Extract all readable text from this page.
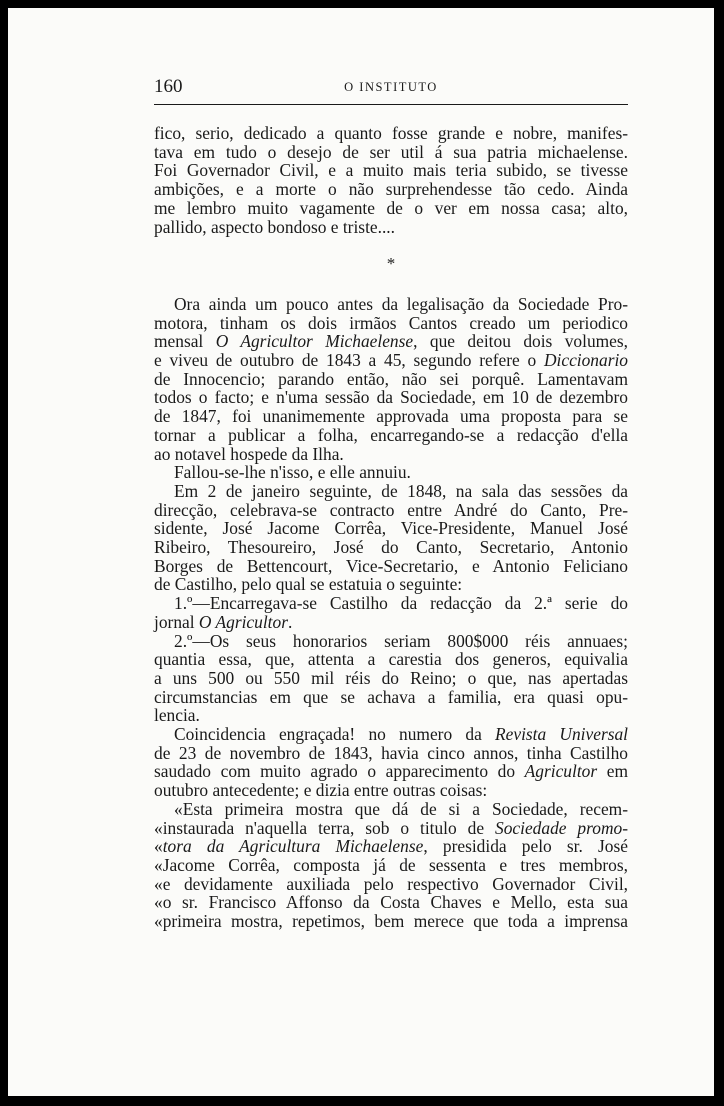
160	O INSTITUTO
fico, serio, dedicado a quanto fosse grande e nobre, manifes-
tava em tudo o desejo de ser util á sua patria michaelense.
Foi Governador Civil, e a muito mais teria subido, se tivesse
ambições, e a morte o não surprehendesse tão cedo. Ainda
me lembro muito vagamente de o ver em nossa casa; alto,
pallido, aspecto bondoso e triste....
*
Ora ainda um pouco antes da legalisação da Sociedade Pro-
motora, tinham os dois irmãos Cantos creado um periodico
mensal O Agricultor Michaelense, que deitou dois volumes,
e viveu de outubro de 1843 a 45, segundo refere o Diccionario
de Innocencio; parando então, não sei porquê. Lamentavam
todos o facto; e n'uma sessão da Sociedade, em 10 de dezembro
de 1847, foi unanimemente approvada uma proposta para se
tornar a publicar a folha, encarregando-se a redacção d'ella
ao notavel hospede da Ilha.
Fallou-se-lhe n'isso, e elle annuiu.
Em 2 de janeiro seguinte, de 1848, na sala das sessões da
direcção, celebrava-se contracto entre André do Canto, Pre-
sidente, José Jacome Corrêa, Vice-Presidente, Manuel José
Ribeiro, Thesoureiro, José do Canto, Secretario, Antonio
Borges de Bettencourt, Vice-Secretario, e Antonio Feliciano
de Castilho, pelo qual se estatuia o seguinte:
1.º—Encarregava-se Castilho da redacção da 2.ª serie do
jornal O Agricultor.
2.º—Os seus honorarios seriam 800$000 réis annuaes;
quantia essa, que, attenta a carestia dos generos, equivalia
a uns 500 ou 550 mil réis do Reino; o que, nas apertadas
circumstancias em que se achava a familia, era quasi opu-
lencia.
Coincidencia engraçada! no numero da Revista Universal
de 23 de novembro de 1843, havia cinco annos, tinha Castilho
saudado com muito agrado o apparecimento do Agricultor em
outubro antecedente; e dizia entre outras coisas:
«Esta primeira mostra que dá de si a Sociedade, recem-
«instaurada n'aquella terra, sob o titulo de Sociedade promo-
«tora da Agricultura Michaelense, presidida pelo sr. José
«Jacome Corrêa, composta já de sessenta e tres membros,
«e devidamente auxiliada pelo respectivo Governador Civil,
«o sr. Francisco Affonso da Costa Chaves e Mello, esta sua
«primeira mostra, repetimos, bem merece que toda a imprensa
